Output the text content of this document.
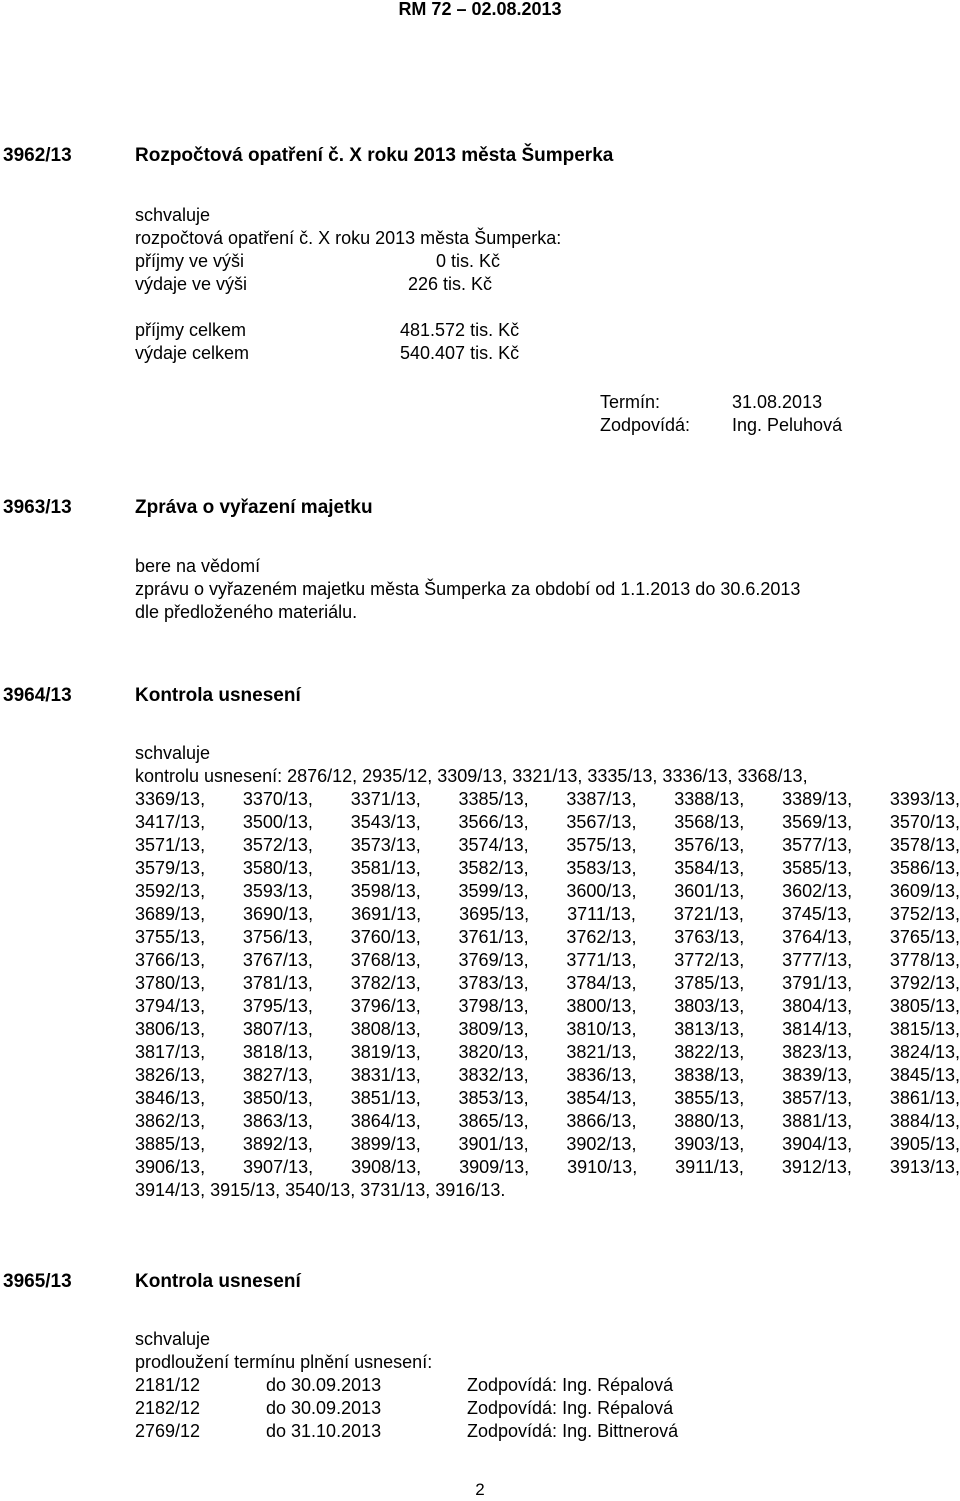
RM 72 – 02.08.2013
3962/13	Rozpočtová opatření č. X roku 2013 města Šumperka
schvaluje
rozpočtová opatření č. X roku 2013 města Šumperka:
příjmy ve výši	0 tis. Kč
výdaje ve výši	226 tis. Kč
příjmy celkem	481.572 tis. Kč
výdaje celkem	540.407 tis. Kč
Termín:	31.08.2013
Zodpovídá: Ing. Peluhová
3963/13	Zpráva o vyřazení majetku
bere na vědomí
zprávu o vyřazeném majetku města Šumperka za období od 1.1.2013 do 30.6.2013
dle předloženého materiálu.
3964/13	Kontrola usnesení
schvaluje
kontrolu usnesení: 2876/12, 2935/12, 3309/13, 3321/13, 3335/13, 3336/13, 3368/13,
3369/13, 3370/13, 3371/13, 3385/13, 3387/13, 3388/13, 3389/13, 3393/13,
3417/13, 3500/13, 3543/13, 3566/13, 3567/13, 3568/13, 3569/13, 3570/13,
3571/13, 3572/13, 3573/13, 3574/13, 3575/13, 3576/13, 3577/13, 3578/13,
3579/13, 3580/13, 3581/13, 3582/13, 3583/13, 3584/13, 3585/13, 3586/13,
3592/13, 3593/13, 3598/13, 3599/13, 3600/13, 3601/13, 3602/13, 3609/13,
3689/13, 3690/13, 3691/13, 3695/13, 3711/13, 3721/13, 3745/13, 3752/13,
3755/13, 3756/13, 3760/13, 3761/13, 3762/13, 3763/13, 3764/13, 3765/13,
3766/13, 3767/13, 3768/13, 3769/13, 3771/13, 3772/13, 3777/13, 3778/13,
3780/13, 3781/13, 3782/13, 3783/13, 3784/13, 3785/13, 3791/13, 3792/13,
3794/13, 3795/13, 3796/13, 3798/13, 3800/13, 3803/13, 3804/13, 3805/13,
3806/13, 3807/13, 3808/13, 3809/13, 3810/13, 3813/13, 3814/13, 3815/13,
3817/13, 3818/13, 3819/13, 3820/13, 3821/13, 3822/13, 3823/13, 3824/13,
3826/13, 3827/13, 3831/13, 3832/13, 3836/13, 3838/13, 3839/13, 3845/13,
3846/13, 3850/13, 3851/13, 3853/13, 3854/13, 3855/13, 3857/13, 3861/13,
3862/13, 3863/13, 3864/13, 3865/13, 3866/13, 3880/13, 3881/13, 3884/13,
3885/13, 3892/13, 3899/13, 3901/13, 3902/13, 3903/13, 3904/13, 3905/13,
3906/13, 3907/13, 3908/13, 3909/13, 3910/13, 3911/13, 3912/13, 3913/13,
3914/13, 3915/13, 3540/13, 3731/13, 3916/13.
3965/13	Kontrola usnesení
schvaluje
prodloužení termínu plnění usnesení:
2181/12	do 30.09.2013	Zodpovídá: Ing. Répalová
2182/12	do 30.09.2013	Zodpovídá: Ing. Répalová
2769/12	do 31.10.2013	Zodpovídá: Ing. Bittnerová
2
